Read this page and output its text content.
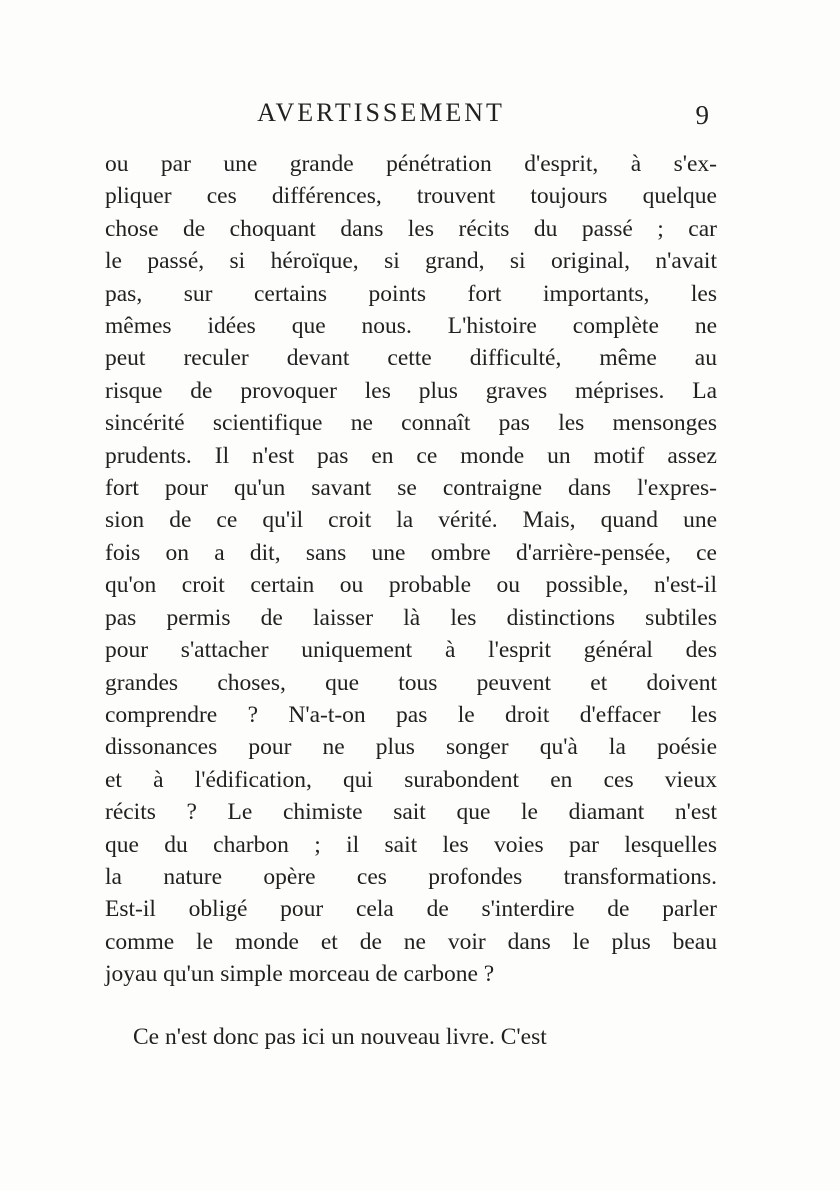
AVERTISSEMENT	9
ou par une grande pénétration d'esprit, à s'ex-
pliquer ces différences, trouvent toujours quelque
chose de choquant dans les récits du passé ; car
le passé, si héroïque, si grand, si original, n'avait
pas, sur certains points fort importants, les
mêmes idées que nous. L'histoire complète ne
peut reculer devant cette difficulté, même au
risque de provoquer les plus graves méprises. La
sincérité scientifique ne connaît pas les mensonges
prudents. Il n'est pas en ce monde un motif assez
fort pour qu'un savant se contraigne dans l'expres-
sion de ce qu'il croit la vérité. Mais, quand une
fois on a dit, sans une ombre d'arrière-pensée, ce
qu'on croit certain ou probable ou possible, n'est-il
pas permis de laisser là les distinctions subtiles
pour s'attacher uniquement à l'esprit général des
grandes choses, que tous peuvent et doivent
comprendre ? N'a-t-on pas le droit d'effacer les
dissonances pour ne plus songer qu'à la poésie
et à l'édification, qui surabondent en ces vieux
récits ? Le chimiste sait que le diamant n'est
que du charbon ; il sait les voies par lesquelles
la nature opère ces profondes transformations.
Est-il obligé pour cela de s'interdire de parler
comme le monde et de ne voir dans le plus beau
joyau qu'un simple morceau de carbone ?
Ce n'est donc pas ici un nouveau livre. C'est
